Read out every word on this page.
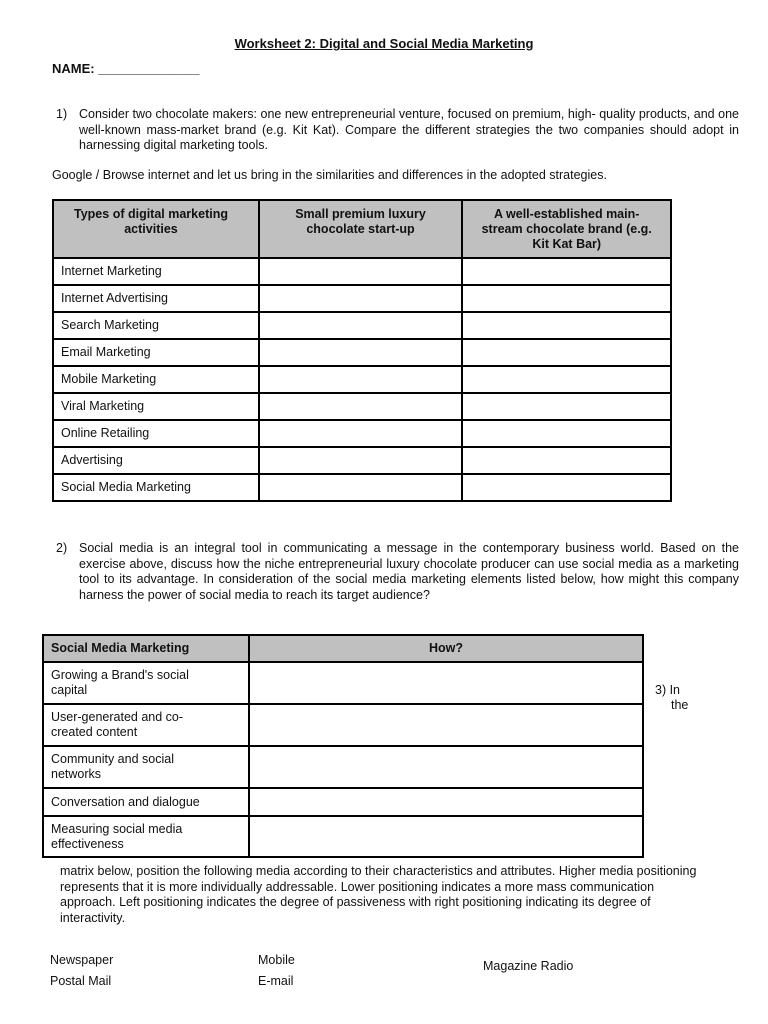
Worksheet 2: Digital and Social Media Marketing
NAME: ______________
1) Consider two chocolate makers: one new entrepreneurial venture, focused on premium, high- quality products, and one well-known mass-market brand (e.g. Kit Kat). Compare the different strategies the two companies should adopt in harnessing digital marketing tools.
Google / Browse internet and let us bring in the similarities and differences in the adopted strategies.
Types of digital marketing activities	Small premium luxury chocolate start-up	A well-established main-stream chocolate brand (e.g. Kit Kat Bar)

Internet Marketing		
Internet Advertising		
Search Marketing		
Email Marketing		
Mobile Marketing		
Viral Marketing		
Online Retailing		
Advertising		
Social Media Marketing		
2) Social media is an integral tool in communicating a message in the contemporary business world. Based on the exercise above, discuss how the niche entrepreneurial luxury chocolate producer can use social media as a marketing tool to its advantage. In consideration of the social media marketing elements listed below, how might this company harness the power of social media to reach its target audience?
Social Media Marketing	How?

Growing a Brand's social capital	

User-generated and co-created content	

Community and social networks	

Conversation and dialogue	

Measuring social media effectiveness	

3) In
the
matrix below, position the following media according to their characteristics and attributes. Higher media positioning represents that it is more individually addressable. Lower positioning indicates a more mass communication approach. Left positioning indicates the degree of passiveness with right positioning indicating its degree of interactivity.
Newspaper
Postal Mail
Mobile
E-mail
Magazine Radio
